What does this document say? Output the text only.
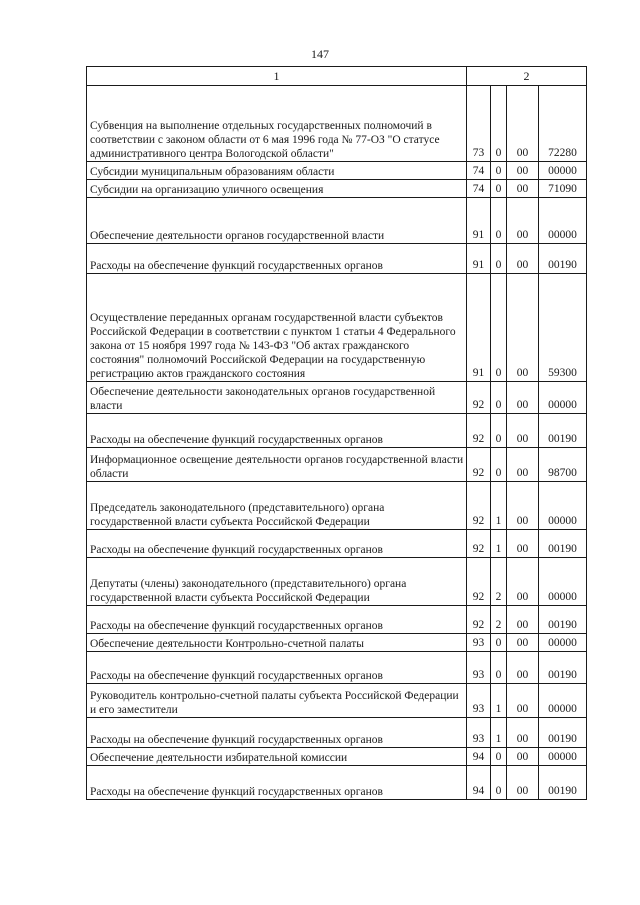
147
1	2			
Субвенция на выполнение отдельных государственных полномочий в соответствии с законом области от 6 мая 1996 года № 77-ОЗ "О статусе административного центра Вологодской области"	73	0	00	72280
Субсидии муниципальным образованиям области	74	0	00	00000
Субсидии на организацию уличного освещения	74	0	00	71090
Обеспечение деятельности органов государственной власти	91	0	00	00000
Расходы на обеспечение функций государственных органов	91	0	00	00190
Осуществление переданных органам государственной власти субъектов Российской Федерации в соответствии с пунктом 1 статьи 4 Федерального закона от 15 ноября 1997 года № 143-ФЗ "Об актах гражданского состояния" полномочий Российской Федерации на государственную регистрацию актов гражданского состояния	91	0	00	59300
Обеспечение деятельности законодательных органов государственной власти	92	0	00	00000
Расходы на обеспечение функций государственных органов	92	0	00	00190
Информационное освещение деятельности органов государственной власти области	92	0	00	98700
Председатель законодательного (представительного) органа государственной власти субъекта Российской Федерации	92	1	00	00000
Расходы на обеспечение функций государственных органов	92	1	00	00190
Депутаты (члены) законодательного (представительного) органа государственной власти субъекта Российской Федерации	92	2	00	00000
Расходы на обеспечение функций государственных органов	92	2	00	00190
Обеспечение деятельности Контрольно-счетной палаты	93	0	00	00000
Расходы на обеспечение функций государственных органов	93	0	00	00190
Руководитель контрольно-счетной палаты субъекта Российской Федерации и его заместители	93	1	00	00000
Расходы на обеспечение функций государственных органов	93	1	00	00190
Обеспечение деятельности избирательной комиссии	94	0	00	00000
Расходы на обеспечение функций государственных органов	94	0	00	00190
